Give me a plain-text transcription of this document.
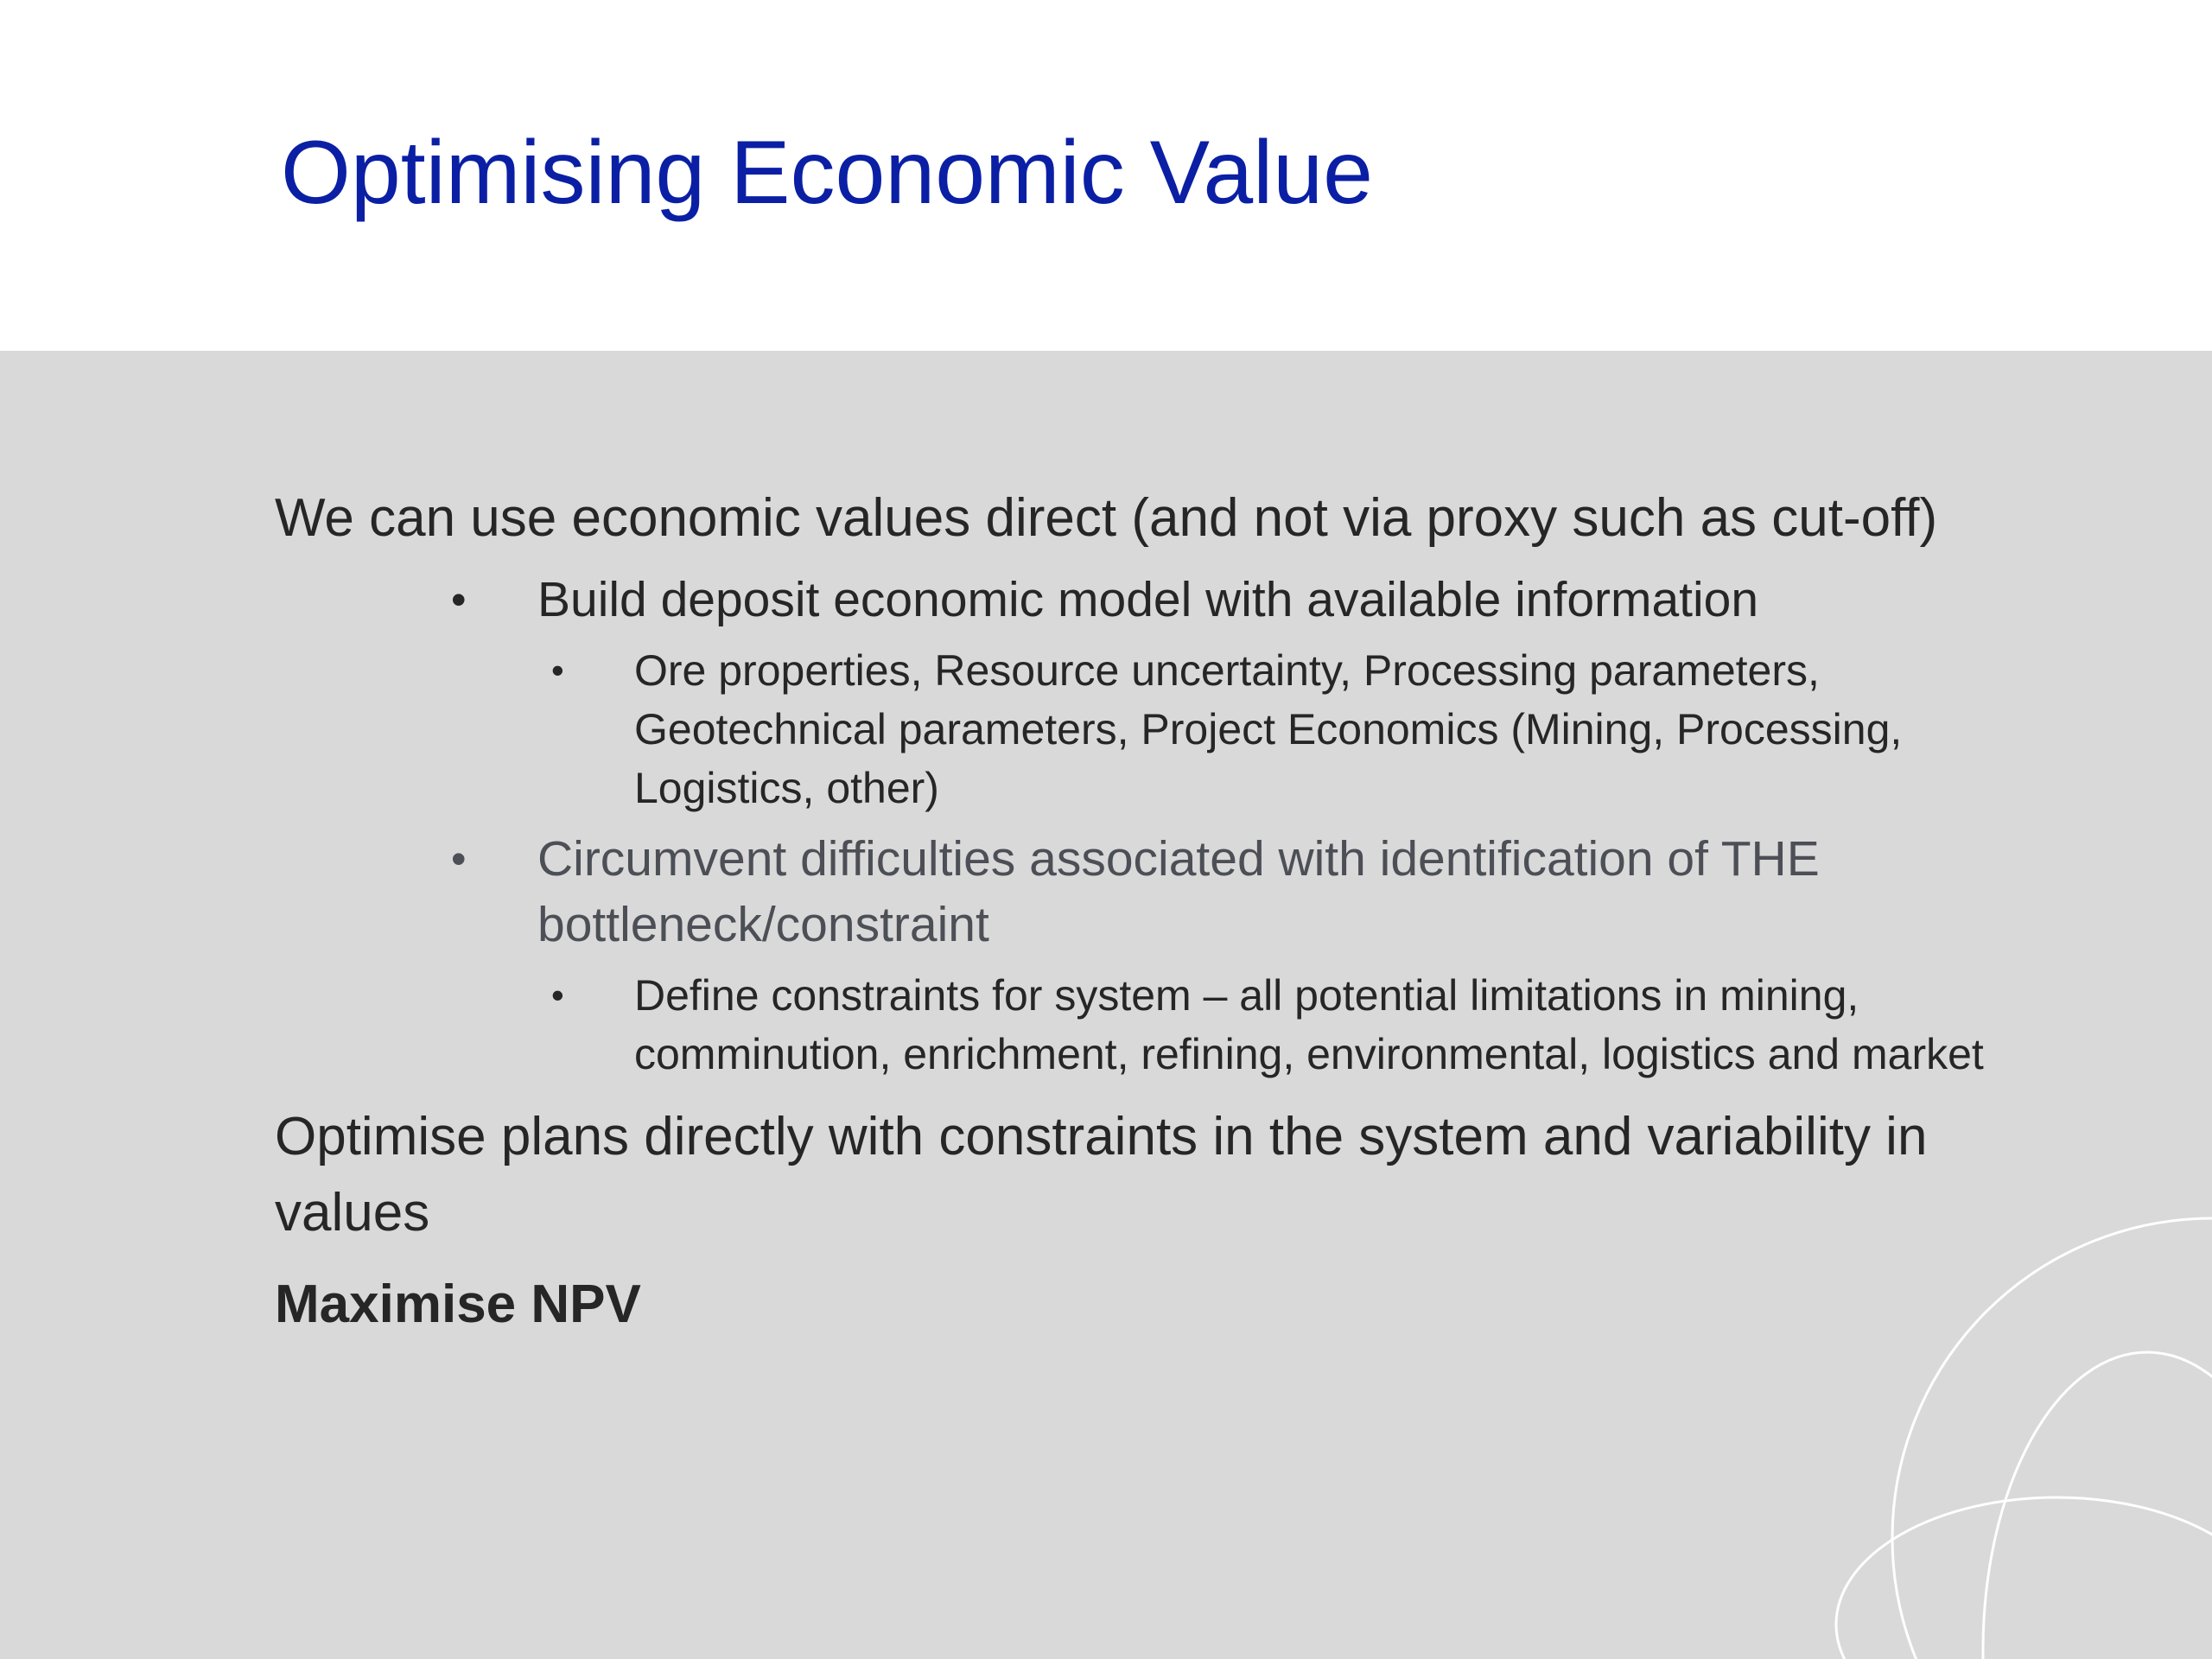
Optimising Economic Value

We can use economic values direct (and not via proxy such as cut-off)

• Build deposit economic model with available information
• Ore properties, Resource uncertainty, Processing parameters, Geotechnical parameters, Project Economics (Mining, Processing, Logistics, other)
• Circumvent difficulties associated with identification of THE bottleneck/constraint
• Define constraints for system – all potential limitations in mining, comminution, enrichment, refining, environmental, logistics and market

Optimise plans directly with constraints in the system and variability in values

Maximise NPV
